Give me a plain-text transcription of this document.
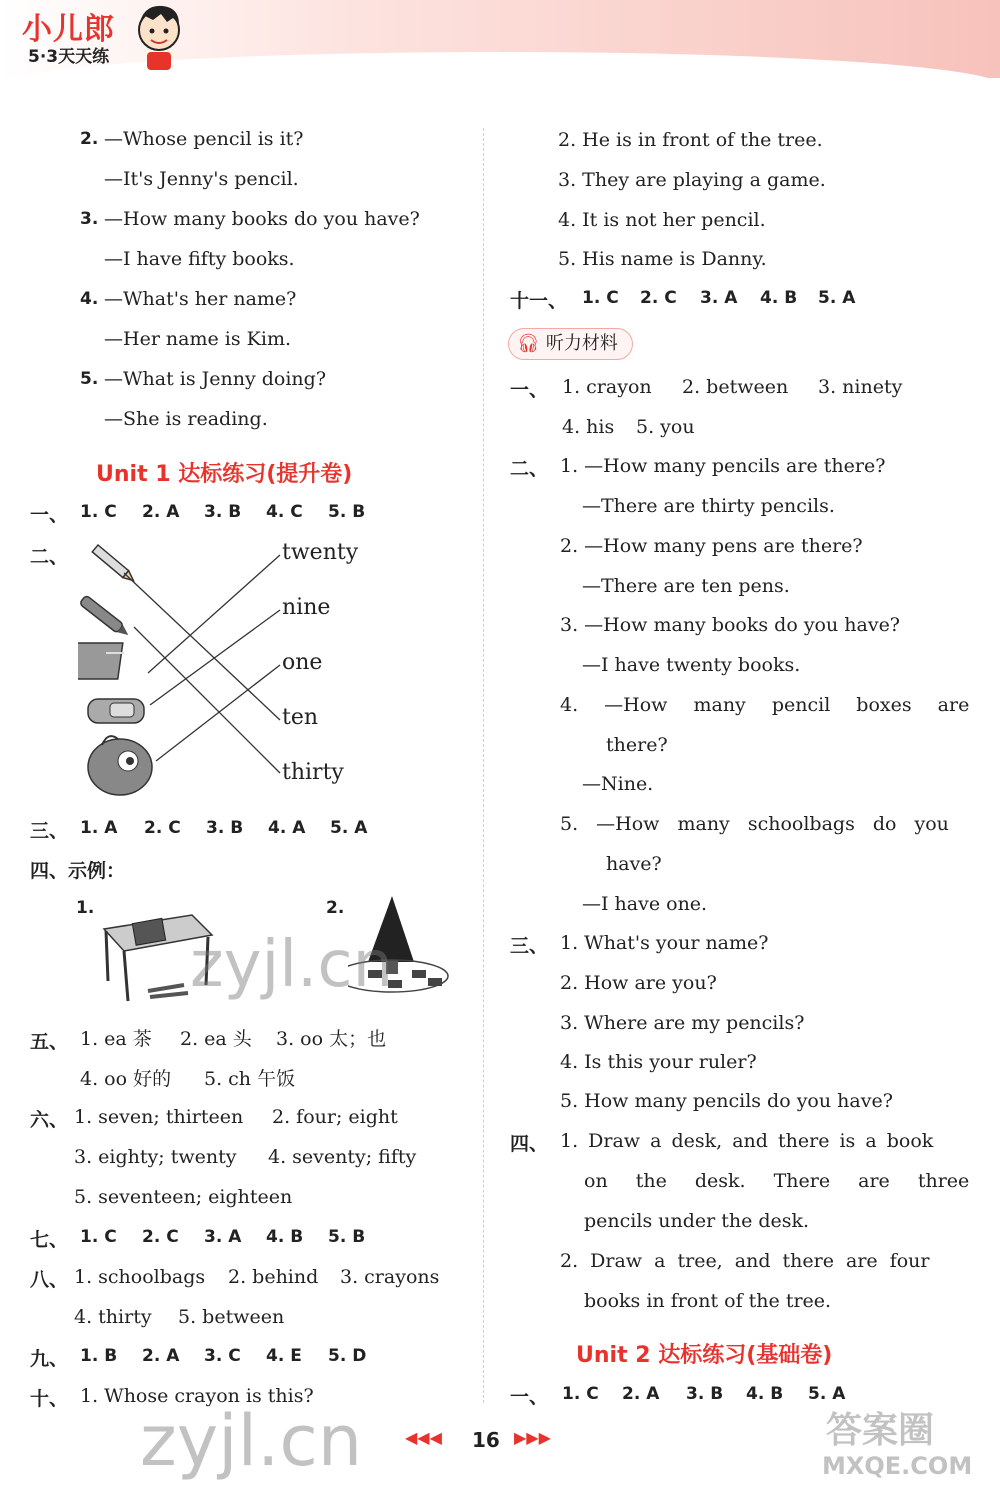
小儿郎
5·3天天练
2. —Whose pencil is it?
—It's Jenny's pencil.
3. —How many books do you have?
—I have fifty books.
4. —What's her name?
—Her name is Kim.
5. —What is Jenny doing?
—She is reading.
Unit 1 达标练习(提升卷)
一、 1. C 2. A 3. B 4. C 5. B
二、	twenty
nine
one
ten
thirty
三、 1. A 2. C 3. B 4. A 5. A
四、示例：
1.	2.
五、 1. ea 茶 2. ea 头 3. oo 太；也
4. oo 好的 5. ch 午饭
六、 1. seven; thirteen 2. four; eight
3. eighty; twenty 4. seventy; fifty
5. seventeen; eighteen
七、 1. C 2. C 3. A 4. B 5. B
八、 1. schoolbags 2. behind 3. crayons
4. thirty 5. between
九、 1. B 2. A 3. C 4. E 5. D
十、 1. Whose crayon is this?
2. He is in front of the tree.
3. They are playing a game.
4. It is not her pencil.
5. His name is Danny.
十一、 1. C 2. C 3. A 4. B 5. A
🎧︎ 听力材料
一、 1. crayon 2. between 3. ninety
4. his 5. you
二、 1. —How many pencils are there?
—There are thirty pencils.
2. —How many pens are there?
—There are ten pens.
3. —How many books do you have?
—I have twenty books.
4. —How many pencil boxes are
there?
—Nine.
5. —How many schoolbags do you
have?
—I have one.
三、 1. What's your name?
2. How are you?
3. Where are my pencils?
4. Is this your ruler?
5. How many pencils do you have?
四、 1. Draw a desk, and there is a book
on the desk. There are three
pencils under the desk.
2. Draw a tree, and there are four
books in front of the tree.
Unit 2 达标练习(基础卷)
一、 1. C 2. A 3. B 4. B 5. A
◀◀◀ 16 ▶▶▶
zyjl.cn
zyjl.cn	答案圈
MXQE.COM
